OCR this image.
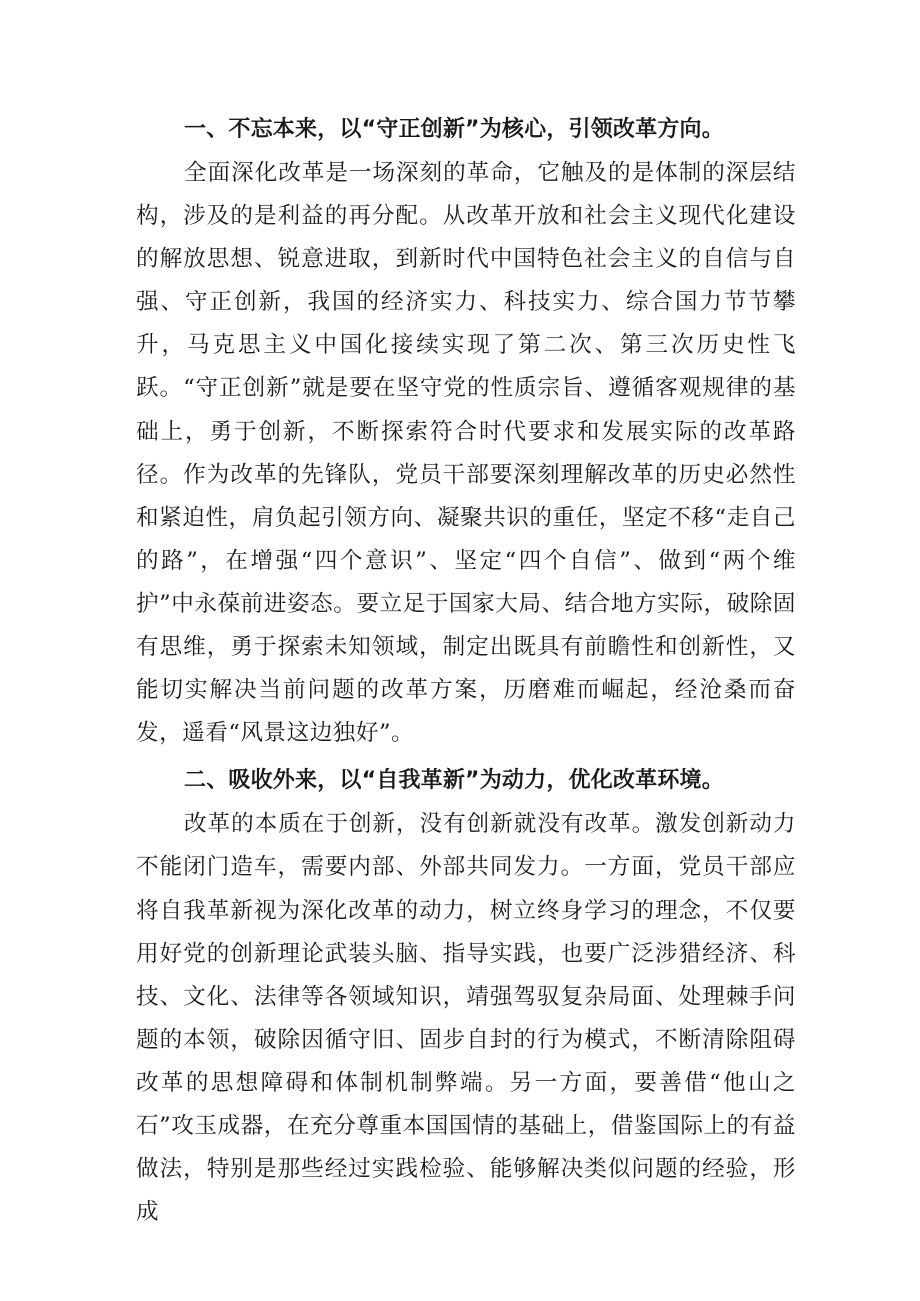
一、不忘本来，以“守正创新”为核心，引领改革方向。

全面深化改革是一场深刻的革命，它触及的是体制的深层结构，涉及的是利益的再分配。从改革开放和社会主义现代化建设的解放思想、锐意进取，到新时代中国特色社会主义的自信与自强、守正创新，我国的经济实力、科技实力、综合国力节节攀升，马克思主义中国化接续实现了第二次、第三次历史性飞跃。“守正创新”就是要在坚守党的性质宗旨、遵循客观规律的基础上，勇于创新，不断探索符合时代要求和发展实际的改革路径。作为改革的先锋队，党员干部要深刻理解改革的历史必然性和紧迫性，肩负起引领方向、凝聚共识的重任，坚定不移“走自己的路”，在增强“四个意识”、坚定“四个自信”、做到“两个维护”中永葆前进姿态。要立足于国家大局、结合地方实际，破除固有思维，勇于探索未知领域，制定出既具有前瞻性和创新性，又能切实解决当前问题的改革方案，历磨难而崛起，经沧桑而奋发，遥看“风景这边独好”。

二、吸收外来，以“自我革新”为动力，优化改革环境。

改革的本质在于创新，没有创新就没有改革。激发创新动力不能闭门造车，需要内部、外部共同发力。一方面，党员干部应将自我革新视为深化改革的动力，树立终身学习的理念，不仅要用好党的创新理论武装头脑、指导实践，也要广泛涉猎经济、科技、文化、法律等各领域知识，靖强驾驭复杂局面、处理棘手问题的本领，破除因循守旧、固步自封的行为模式，不断清除阻碍改革的思想障碍和体制机制弊端。另一方面，要善借“他山之石”攻玉成器，在充分尊重本国国情的基础上，借鉴国际上的有益做法，特别是那些经过实践检验、能够解决类似问题的经验，形成
